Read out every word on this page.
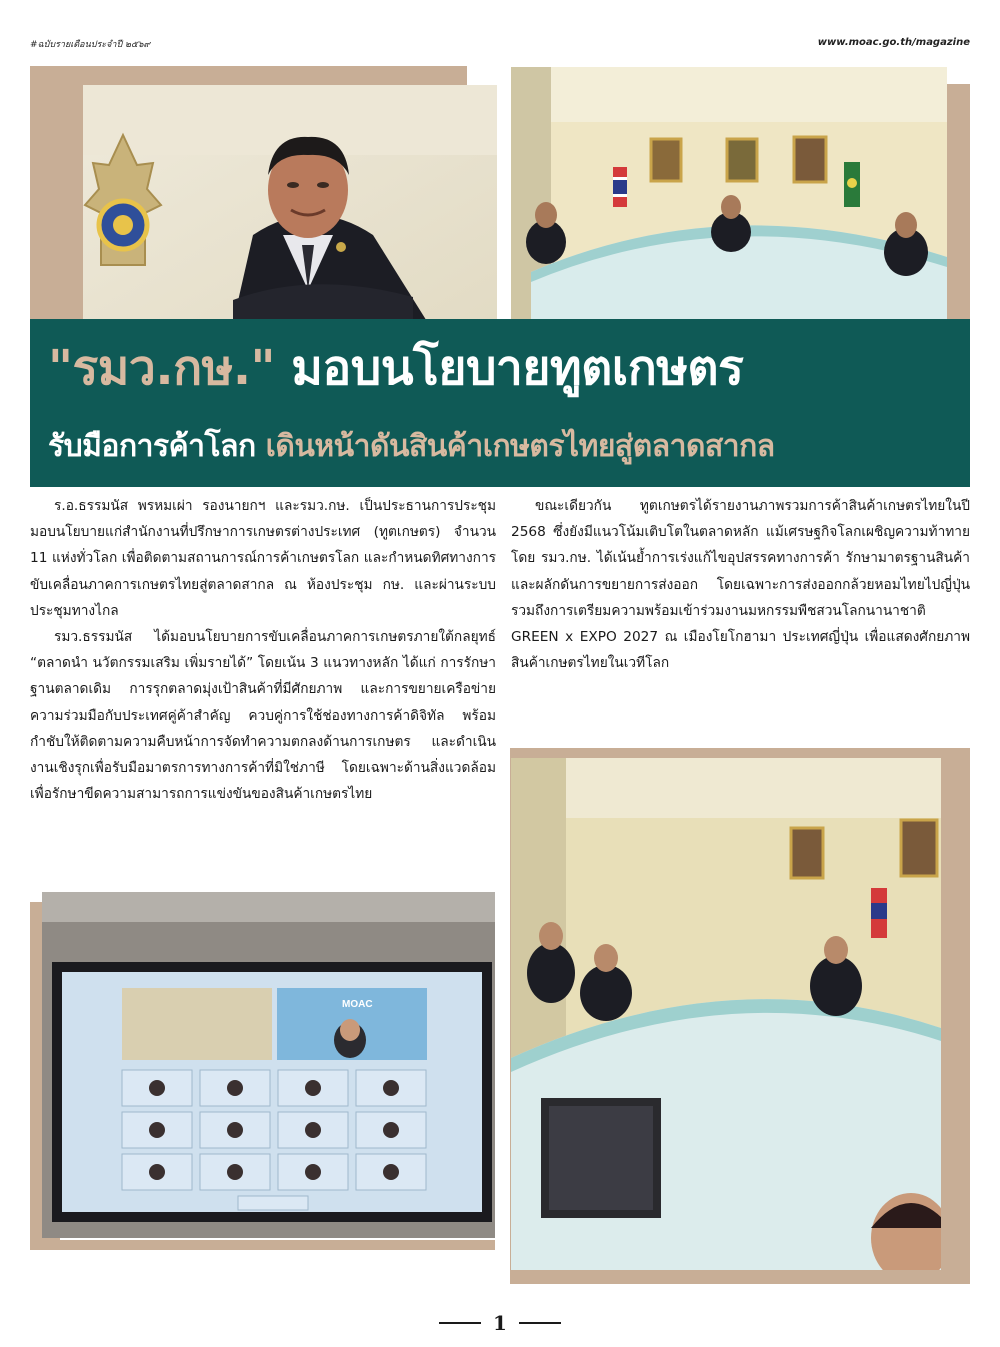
#ฉบับรายเดือนประจำปี ๒๕๖๙	www.moac.go.th/magazine
"รมว.กษ." มอบนโยบายทูตเกษตร
รับมือการค้าโลก เดินหน้าดันสินค้าเกษตรไทยสู่ตลาดสากล

ร.อ.ธรรมนัส พรหมเผ่า รองนายกฯ และรมว.กษ. เป็นประธานการประชุมมอบนโยบายแก่สำนักงานที่ปรึกษาการเกษตรต่างประเทศ (ทูตเกษตร) จำนวน 11 แห่งทั่วโลก เพื่อติดตามสถานการณ์การค้าเกษตรโลก และกำหนดทิศทางการขับเคลื่อนภาคการเกษตรไทยสู่ตลาดสากล ณ ห้องประชุม กษ. และผ่านระบบประชุมทางไกล

รมว.ธรรมนัส ได้มอบนโยบายการขับเคลื่อนภาคการเกษตรภายใต้กลยุทธ์ “ตลาดนำ นวัตกรรมเสริม เพิ่มรายได้” โดยเน้น 3 แนวทางหลัก ได้แก่ การรักษาฐานตลาดเดิม การรุกตลาดมุ่งเป้าสินค้าที่มีศักยภาพ และการขยายเครือข่ายความร่วมมือกับประเทศคู่ค้าสำคัญ ควบคู่การใช้ช่องทางการค้าดิจิทัล พร้อมกำชับให้ติดตามความคืบหน้าการจัดทำความตกลงด้านการเกษตร และดำเนินงานเชิงรุกเพื่อรับมือมาตรการทางการค้าที่มิใช่ภาษี โดยเฉพาะด้านสิ่งแวดล้อม เพื่อรักษาขีดความสามารถการแข่งขันของสินค้าเกษตรไทย

ขณะเดียวกัน ทูตเกษตรได้รายงานภาพรวมการค้าสินค้าเกษตรไทยในปี 2568 ซึ่งยังมีแนวโน้มเติบโตในตลาดหลัก แม้เศรษฐกิจโลกเผชิญความท้าทาย โดย รมว.กษ. ได้เน้นย้ำการเร่งแก้ไขอุปสรรคทางการค้า รักษามาตรฐานสินค้า และผลักดันการขยายการส่งออก โดยเฉพาะการส่งออกกล้วยหอมไทยไปญี่ปุ่น รวมถึงการเตรียมความพร้อมเข้าร่วมงานมหกรรมพืชสวนโลกนานาชาติ GREEN x EXPO 2027 ณ เมืองโยโกฮามา ประเทศญี่ปุ่น เพื่อแสดงศักยภาพสินค้าเกษตรไทยในเวทีโลก

MOAC
1
